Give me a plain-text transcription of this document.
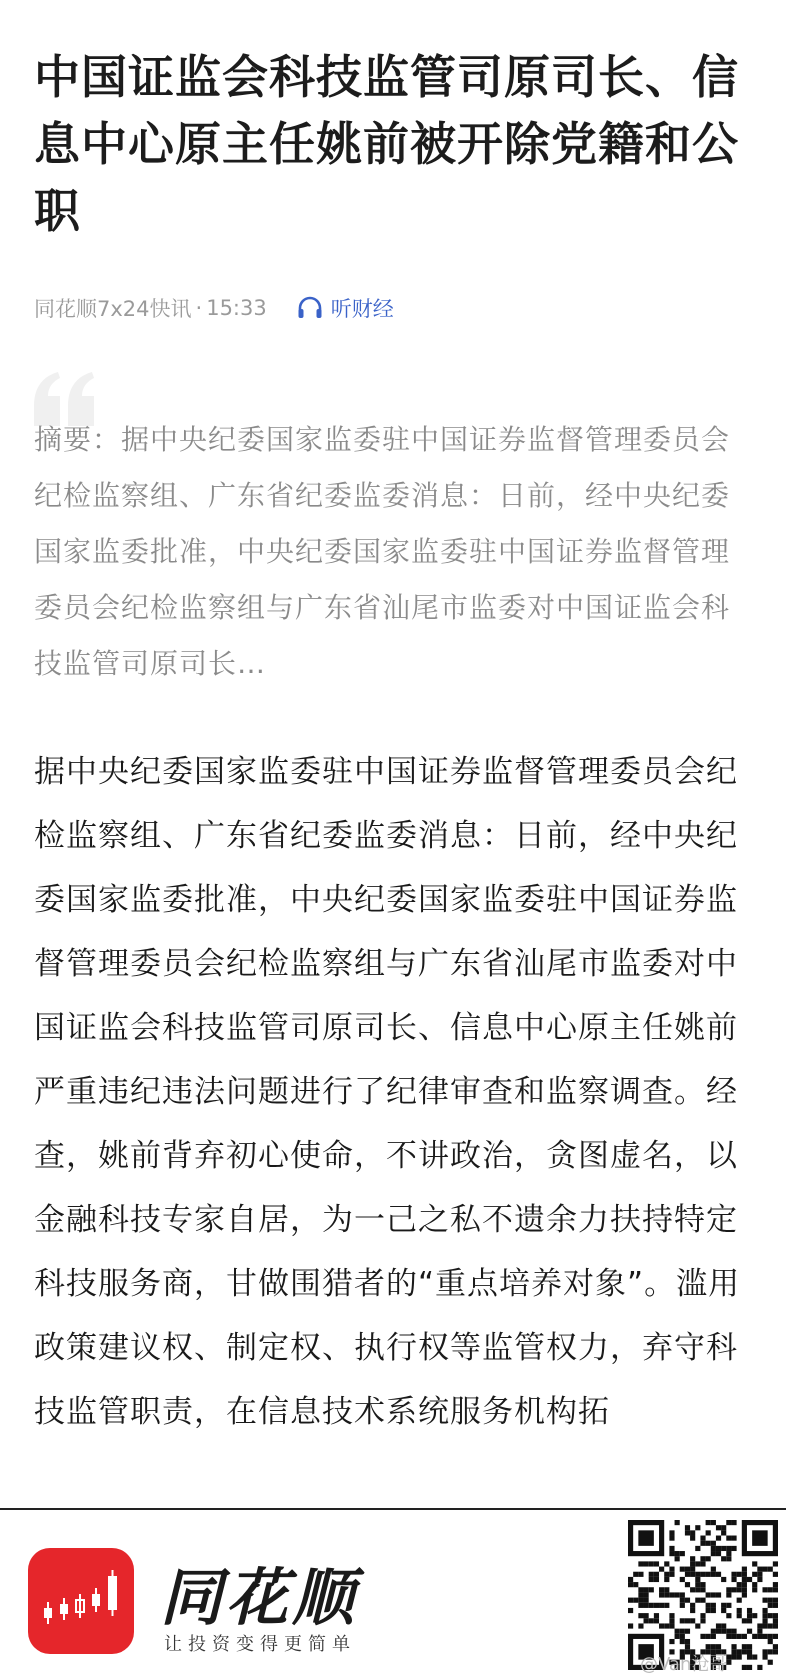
中国证监会科技监管司原司长、信息中心原主任姚前被开除党籍和公职
同花顺7x24快讯 · 15:33	听财经

摘要：据中央纪委国家监委驻中国证券监督管理委员会纪检监察组、广东省纪委监委消息：日前，经中央纪委国家监委批准，中央纪委国家监委驻中国证券监督管理委员会纪检监察组与广东省汕尾市监委对中国证监会科技监管司原司长…

据中央纪委国家监委驻中国证券监督管理委员会纪检监察组、广东省纪委监委消息：日前，经中央纪委国家监委批准，中央纪委国家监委驻中国证券监督管理委员会纪检监察组与广东省汕尾市监委对中国证监会科技监管司原司长、信息中心原主任姚前严重违纪违法问题进行了纪律审查和监察调查。经查，姚前背弃初心使命，不讲政治，贪图虚名，以金融科技专家自居，为一己之私不遗余力扶持特定科技服务商，甘做围猎者的“重点培养对象”。滥用政策建议权、制定权、执行权等监管权力，弃守科技监管职责，在信息技术系统服务机构拓

同花顺
让投资变得更简单
@Van沧哥
